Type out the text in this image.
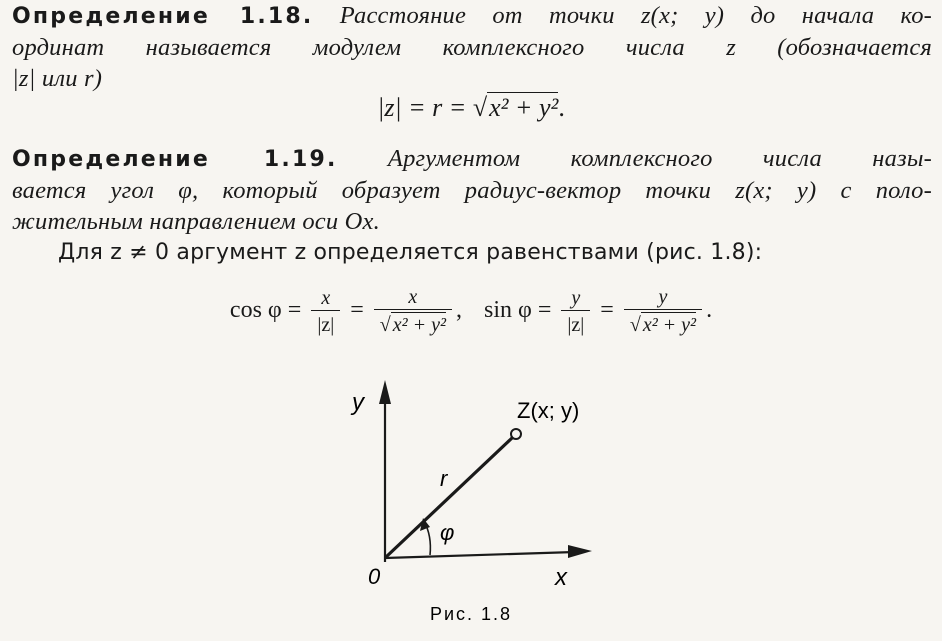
Определение 1.18. Расстояние от точки z(x; y) до начала ко-
ординат называется модулем комплексного числа z (обозначается
|z| или r)
|z| = r = √x² + y².
Определение 1.19. Аргументом комплексного числа назы-
вается угол φ, который образует радиус-вектор точки z(x; y) с поло-
жительным направлением оси Ox.
Для z ≠ 0 аргумент z определяется равенствами (рис. 1.8):
$\cos \varphi = \frac{x}{|z|} = \frac{x}{\text{√ x² + y²}}$ , $\sin \varphi = \frac{y}{|z|} = \frac{y}{\text{√ x² + y²}}$ .
y
x
0
Z(x; y)
r
φ
Рис. 1.8
